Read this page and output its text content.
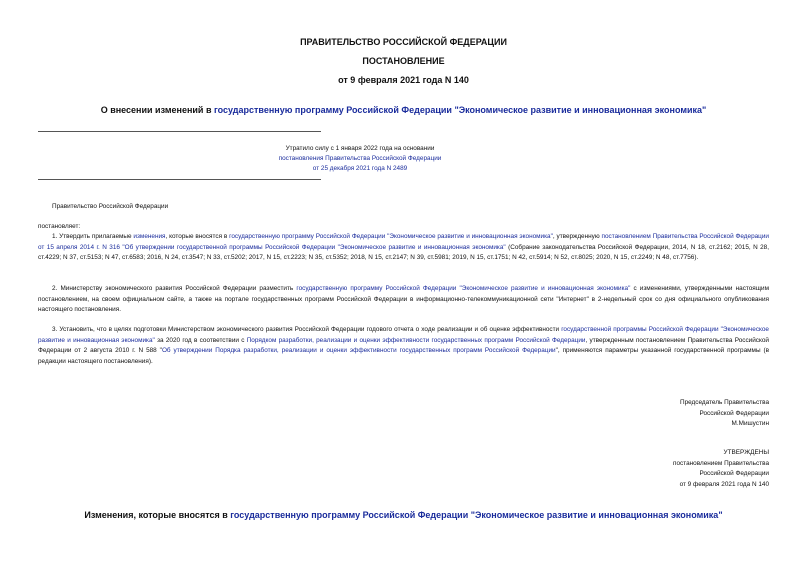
ПРАВИТЕЛЬСТВО РОССИЙСКОЙ ФЕДЕРАЦИИ
ПОСТАНОВЛЕНИЕ
от 9 февраля 2021 года N 140
О внесении изменений в государственную программу Российской Федерации "Экономическое развитие и инновационная экономика"
Утратило силу с 1 января 2022 года на основании
постановления Правительства Российской Федерации
от 25 декабря 2021 года N 2489
Правительство Российской Федерации
постановляет:
1. Утвердить прилагаемые изменения, которые вносятся в государственную программу Российской Федерации "Экономическое развитие и инновационная экономика", утвержденную постановлением Правительства Российской Федерации от 15 апреля 2014 г. N 316 "Об утверждении государственной программы Российской Федерации "Экономическое развитие и инновационная экономика" (Собрание законодательства Российской Федерации, 2014, N 18, ст.2162; 2015, N 28, ст.4229; N 37, ст.5153; N 47, ст.6583; 2016, N 24, ст.3547; N 33, ст.5202; 2017, N 15, ст.2223; N 35, ст.5352; 2018, N 15, ст.2147; N 39, ст.5981; 2019, N 15, ст.1751; N 42, ст.5914; N 52, ст.8025; 2020, N 15, ст.2249; N 48, ст.7756).
2. Министерству экономического развития Российской Федерации разместить государственную программу Российской Федерации "Экономическое развитие и инновационная экономика" с изменениями, утвержденными настоящим постановлением, на своем официальном сайте, а также на портале государственных программ Российской Федерации в информационно-телекоммуникационной сети "Интернет" в 2-недельный срок со дня официального опубликования настоящего постановления.
3. Установить, что в целях подготовки Министерством экономического развития Российской Федерации годового отчета о ходе реализации и об оценке эффективности государственной программы Российской Федерации "Экономическое развитие и инновационная экономика" за 2020 год в соответствии с Порядком разработки, реализации и оценки эффективности государственных программ Российской Федерации, утвержденным постановлением Правительства Российской Федерации от 2 августа 2010 г. N 588 "Об утверждении Порядка разработки, реализации и оценки эффективности государственных программ Российской Федерации", применяются параметры указанной государственной программы (в редакции настоящего постановления).
Председатель Правительства
Российской Федерации
М.Мишустин
УТВЕРЖДЕНЫ
постановлением Правительства
Российской Федерации
от 9 февраля 2021 года N 140
Изменения, которые вносятся в государственную программу Российской Федерации "Экономическое развитие и инновационная экономика"
